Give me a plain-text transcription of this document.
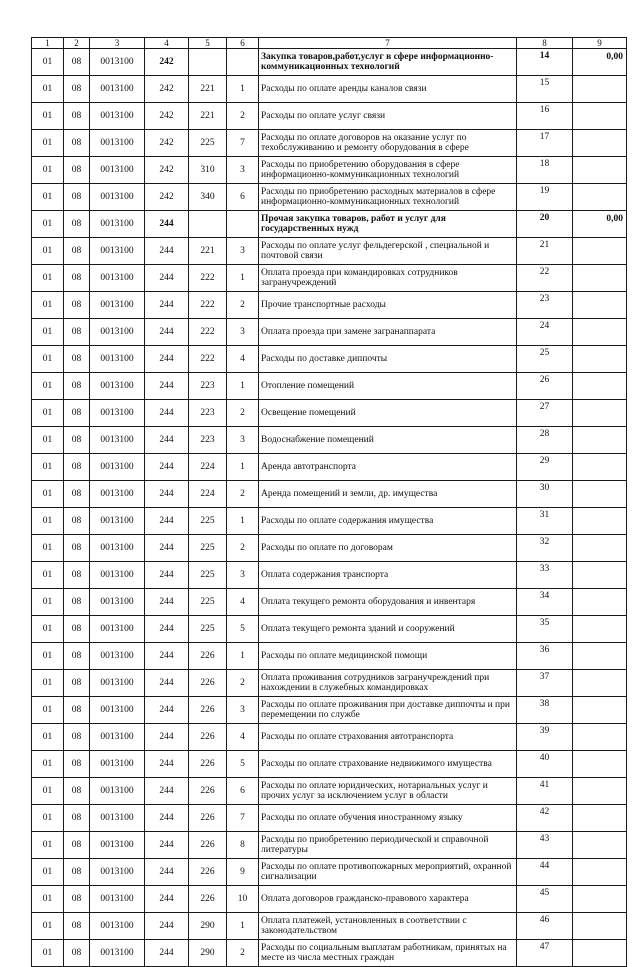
1	2	3	4	5	6	7	8	9
01	08	0013100	242			Закупка товаров,работ,услуг в сфере информационно-коммуникационных технологий	14	0,00
01	08	0013100	242	221	1	Расходы по оплате аренды каналов связи	15	
01	08	0013100	242	221	2	Расходы по оплате услуг связи	16	
01	08	0013100	242	225	7	Расходы по оплате договоров на оказание услуг по техобслуживанию и ремонту оборудования в сфере	17	
01	08	0013100	242	310	3	Расходы по приобретению оборудования в сфере информационно-коммуникационных технологий	18	
01	08	0013100	242	340	6	Расходы по приобретению расходных материалов в сфере информационно-коммуникационных технологий	19	
01	08	0013100	244			Прочая закупка товаров, работ и услуг для государственных нужд	20	0,00
01	08	0013100	244	221	3	Расходы по оплате услуг фельдегерской , специальной и почтовой связи	21	
01	08	0013100	244	222	1	Оплата проезда при командировках сотрудников загранучреждений	22	
01	08	0013100	244	222	2	Прочие транспортные расходы	23	
01	08	0013100	244	222	3	Оплата проезда при замене загранаппарата	24	
01	08	0013100	244	222	4	Расходы по доставке диппочты	25	
01	08	0013100	244	223	1	Отопление помещений	26	
01	08	0013100	244	223	2	Освещение помещений	27	
01	08	0013100	244	223	3	Водоснабжение помещений	28	
01	08	0013100	244	224	1	Аренда автотранспорта	29	
01	08	0013100	244	224	2	Аренда помещений и земли, др. имущества	30	
01	08	0013100	244	225	1	Расходы по оплате содержания имущества	31	
01	08	0013100	244	225	2	Расходы по оплате по договорам	32	
01	08	0013100	244	225	3	Оплата содержания транспорта	33	
01	08	0013100	244	225	4	Оплата текущего ремонта оборудования и инвентаря	34	
01	08	0013100	244	225	5	Оплата текущего ремонта зданий и сооружений	35	
01	08	0013100	244	226	1	Расходы по оплате медицинской помощи	36	
01	08	0013100	244	226	2	Оплата проживания сотрудников загранучреждений при нахождении в служебных командировках	37	
01	08	0013100	244	226	3	Расходы по оплате проживания при доставке диппочты и при перемещении по службе	38	
01	08	0013100	244	226	4	Расходы по оплате страхования автотранспорта	39	
01	08	0013100	244	226	5	Расходы по оплате страхование недвижимого имущества	40	
01	08	0013100	244	226	6	Расходы по оплате юридических, нотариальных услуг и прочих услуг за исключением услуг в области	41	
01	08	0013100	244	226	7	Расходы по оплате обучения иностранному языку	42	
01	08	0013100	244	226	8	Расходы по приобретению периодической и справочной литературы	43	
01	08	0013100	244	226	9	Расходы по оплате противопожарных мероприятий, охранной сигнализации	44	
01	08	0013100	244	226	10	Оплата договоров гражданско-правового характера	45	
01	08	0013100	244	290	1	Оплата платежей, установленных в соответствии с законодательством	46	
01	08	0013100	244	290	2	Расходы по социальным выплатам работникам, принятых на месте из числа местных граждан	47	
